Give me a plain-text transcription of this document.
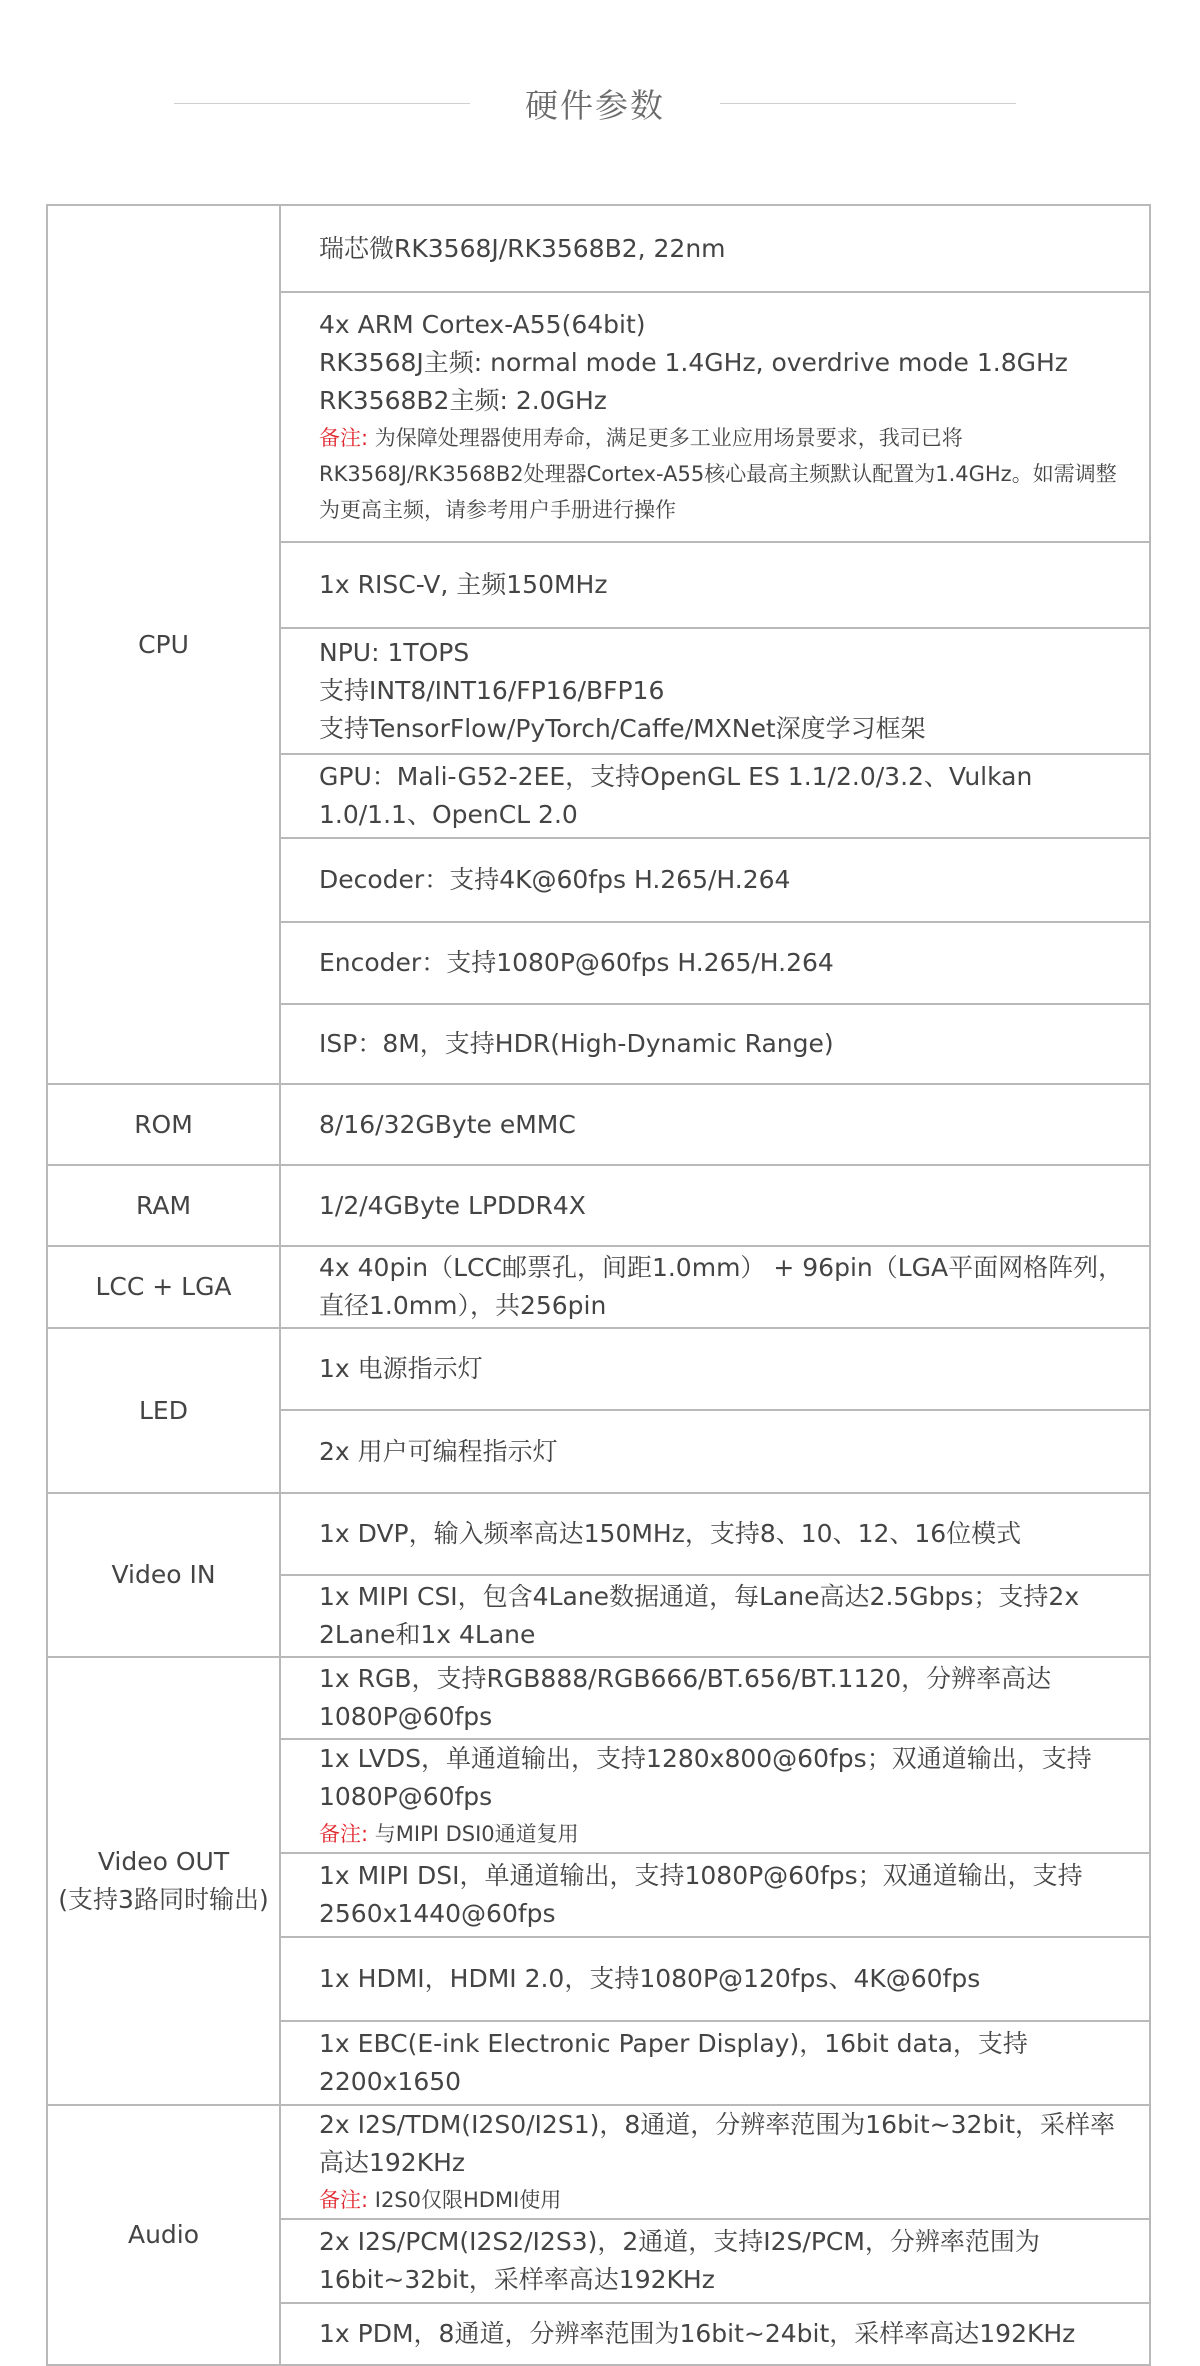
硬件参数
CPU	瑞芯微RK3568J/RK3568B2, 22nm

	4x ARM Cortex-A55(64bit)
RK3568J主频: normal mode 1.4GHz, overdrive mode 1.8GHz
RK3568B2主频: 2.0GHz
备注: 为保障处理器使用寿命，满足更多工业应用场景要求，我司已将RK3568J/RK3568B2处理器Cortex-A55核心最高主频默认配置为1.4GHz。如需调整为更高主频，请参考用户手册进行操作

	1x RISC-V, 主频150MHz

	NPU: 1TOPS
支持INT8/INT16/FP16/BFP16
支持TensorFlow/PyTorch/Caffe/MXNet深度学习框架

	GPU：Mali-G52-2EE，支持OpenGL ES 1.1/2.0/3.2、Vulkan 1.0/1.1、OpenCL 2.0
	Decoder：支持4K@60fps H.265/H.264
	Encoder：支持1080P@60fps H.265/H.264
	ISP：8M，支持HDR(High-Dynamic Range)
ROM	8/16/32GByte eMMC
RAM	1/2/4GByte LPDDR4X
LCC + LGA	4x 40pin（LCC邮票孔，间距1.0mm） + 96pin（LGA平面网格阵列，直径1.0mm），共256pin
LED	1x 电源指示灯
	2x 用户可编程指示灯
Video IN	1x DVP，输入频率高达150MHz，支持8、10、12、16位模式
	1x MIPI CSI，包含4Lane数据通道，每Lane高达2.5Gbps；支持2x 2Lane和1x 4Lane

Video OUT
(支持3路同时输出)	1x RGB，支持RGB888/RGB666/BT.656/BT.1120，分辨率高达1080P@60fps

	1x LVDS，单通道输出，支持1280x800@60fps；双通道输出，支持1080P@60fps
备注: 与MIPI DSI0通道复用

	1x MIPI DSI，单通道输出，支持1080P@60fps；双通道输出，支持2560x1440@60fps
	1x HDMI，HDMI 2.0，支持1080P@120fps、4K@60fps
	1x EBC(E-ink Electronic Paper Display)，16bit data，支持2200x1650
Audio	2x I2S/TDM(I2S0/I2S1)，8通道，分辨率范围为16bit~32bit，采样率高达192KHz
备注: I2S0仅限HDMI使用

	2x I2S/PCM(I2S2/I2S3)，2通道，支持I2S/PCM，分辨率范围为16bit~32bit，采样率高达192KHz
	1x PDM，8通道，分辨率范围为16bit~24bit，采样率高达192KHz
